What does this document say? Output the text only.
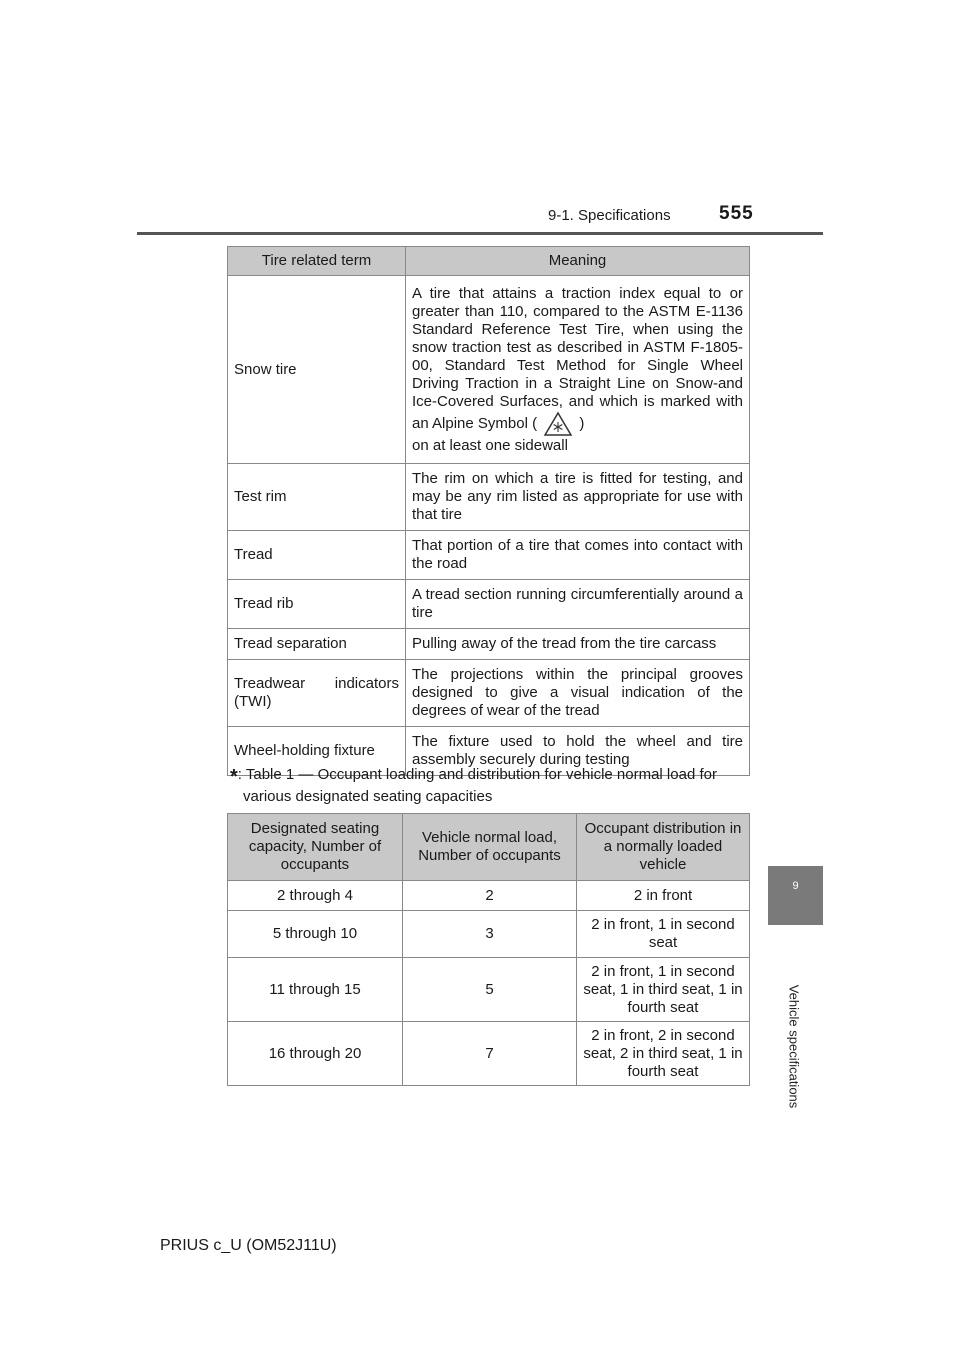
9-1. Specifications	555
9
Vehicle specifications
Tire related term	Meaning
Snow tire	A tire that attains a traction index equal to or greater than 110, compared to the ASTM E-1136 Standard Reference Test Tire, when using the snow traction test as described in ASTM F-1805-00, Standard Test Method for Single Wheel Driving Traction in a Straight Line on Snow-and Ice-Covered Surfaces, and which is marked with an Alpine Symbol ( )
on at least one sidewall
Test rim	The rim on which a tire is fitted for testing, and may be any rim listed as appropriate for use with that tire
Tread	That portion of a tire that comes into contact with the road
Tread rib	A tread section running circumferentially around a tire
Tread separation	Pulling away of the tread from the tire carcass
Treadwear indicators (TWI)	The projections within the principal grooves designed to give a visual indication of the degrees of wear of the tread
Wheel-holding fixture	The fixture used to hold the wheel and tire assembly securely during testing
*: Table 1 — Occupant loading and distribution for vehicle normal load for
various designated seating capacities
Designated seating capacity, Number of occupants	Vehicle normal load, Number of occupants	Occupant distribution in a normally loaded vehicle
2 through 4	2	2 in front
5 through 10	3	2 in front, 1 in second seat
11 through 15	5	2 in front, 1 in second seat, 1 in third seat, 1 in fourth seat
16 through 20	7	2 in front, 2 in second seat, 2 in third seat, 1 in fourth seat
PRIUS c_U (OM52J11U)
